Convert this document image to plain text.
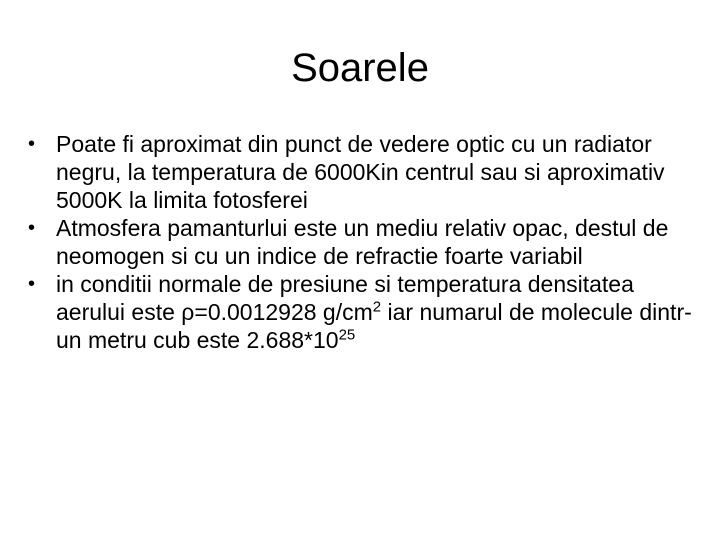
Soarele
• Poate fi aproximat din punct de vedere optic cu un radiator negru, la temperatura de 6000Kin centrul sau si aproximativ 5000K la limita fotosferei
• Atmosfera pamanturlui este un mediu relativ opac, destul de neomogen si cu un indice de refractie foarte variabil
• in conditii normale de presiune si temperatura densitatea aerului este ρ=0.0012928 $g/cm^2$ iar numarul de molecule dintr-un metru cub este $2.688*10^{25}$
